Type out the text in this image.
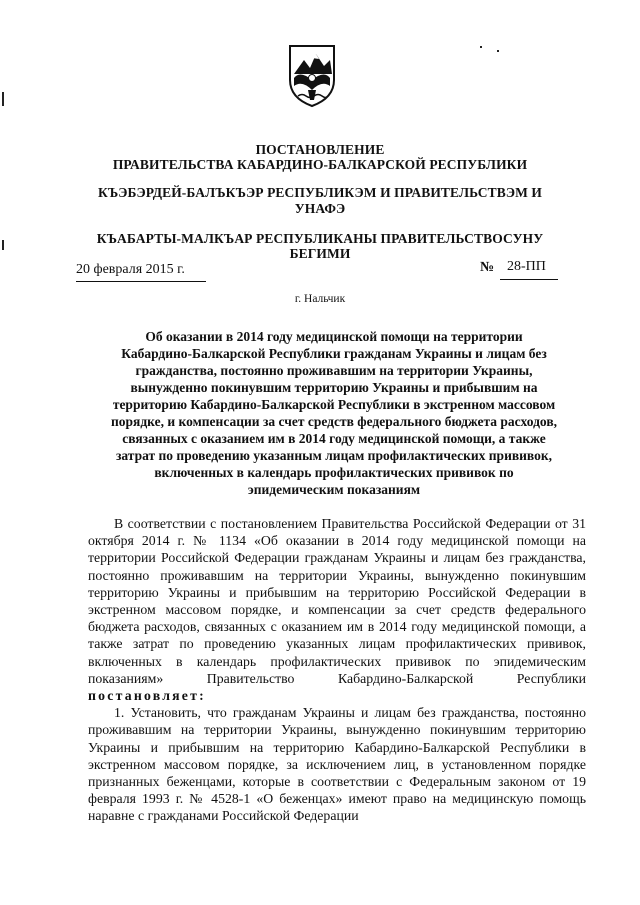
ПОСТАНОВЛЕНИЕ
ПРАВИТЕЛЬСТВА КАБАРДИНО-БАЛКАРСКОЙ РЕСПУБЛИКИ
КЪЭБЭРДЕЙ-БАЛЪКЪЭР РЕСПУБЛИКЭМ И ПРАВИТЕЛЬСТВЭМ И
УНАФЭ
КЪАБАРТЫ-МАЛКЪАР РЕСПУБЛИКАНЫ ПРАВИТЕЛЬСТВОСУНУ
БЕГИМИ
20 февраля 2015 г.	№ 28-ПП
г. Нальчик
Об оказании в 2014 году медицинской помощи на территории
Кабардино-Балкарской Республики гражданам Украины и лицам без
гражданства, постоянно проживавшим на территории Украины,
вынужденно покинувшим территорию Украины и прибывшим на
территорию Кабардино-Балкарской Республики в экстренном массовом
порядке, и компенсации за счет средств федерального бюджета расходов,
связанных с оказанием им в 2014 году медицинской помощи, а также
затрат по проведению указанным лицам профилактических прививок,
включенных в календарь профилактических прививок по
эпидемическим показаниям

В соответствии с постановлением Правительства Российской Федерации от 31 октября 2014 г. № 1134 «Об оказании в 2014 году медицинской помощи на территории Российской Федерации гражданам Украины и лицам без гражданства, постоянно проживавшим на территории Украины, вынужденно покинувшим территорию Украины и прибывшим на территорию Российской Федерации в экстренном массовом порядке, и компенсации за счет средств федерального бюджета расходов, связанных с оказанием им в 2014 году медицинской помощи, а также затрат по проведению указанных лицам профилактических прививок, включенных в календарь профилактических прививок по эпидемическим показаниям» Правительство Кабардино-Балкарской Республики постановляет:

1. Установить, что гражданам Украины и лицам без гражданства, постоянно проживавшим на территории Украины, вынужденно покинувшим территорию Украины и прибывшим на территорию Кабардино-Балкарской Республики в экстренном массовом порядке, за исключением лиц, в установленном порядке признанных беженцами, которые в соответствии с Федеральным законом от 19 февраля 1993 г. № 4528-1 «О беженцах» имеют право на медицинскую помощь наравне с гражданами Российской Федерации
